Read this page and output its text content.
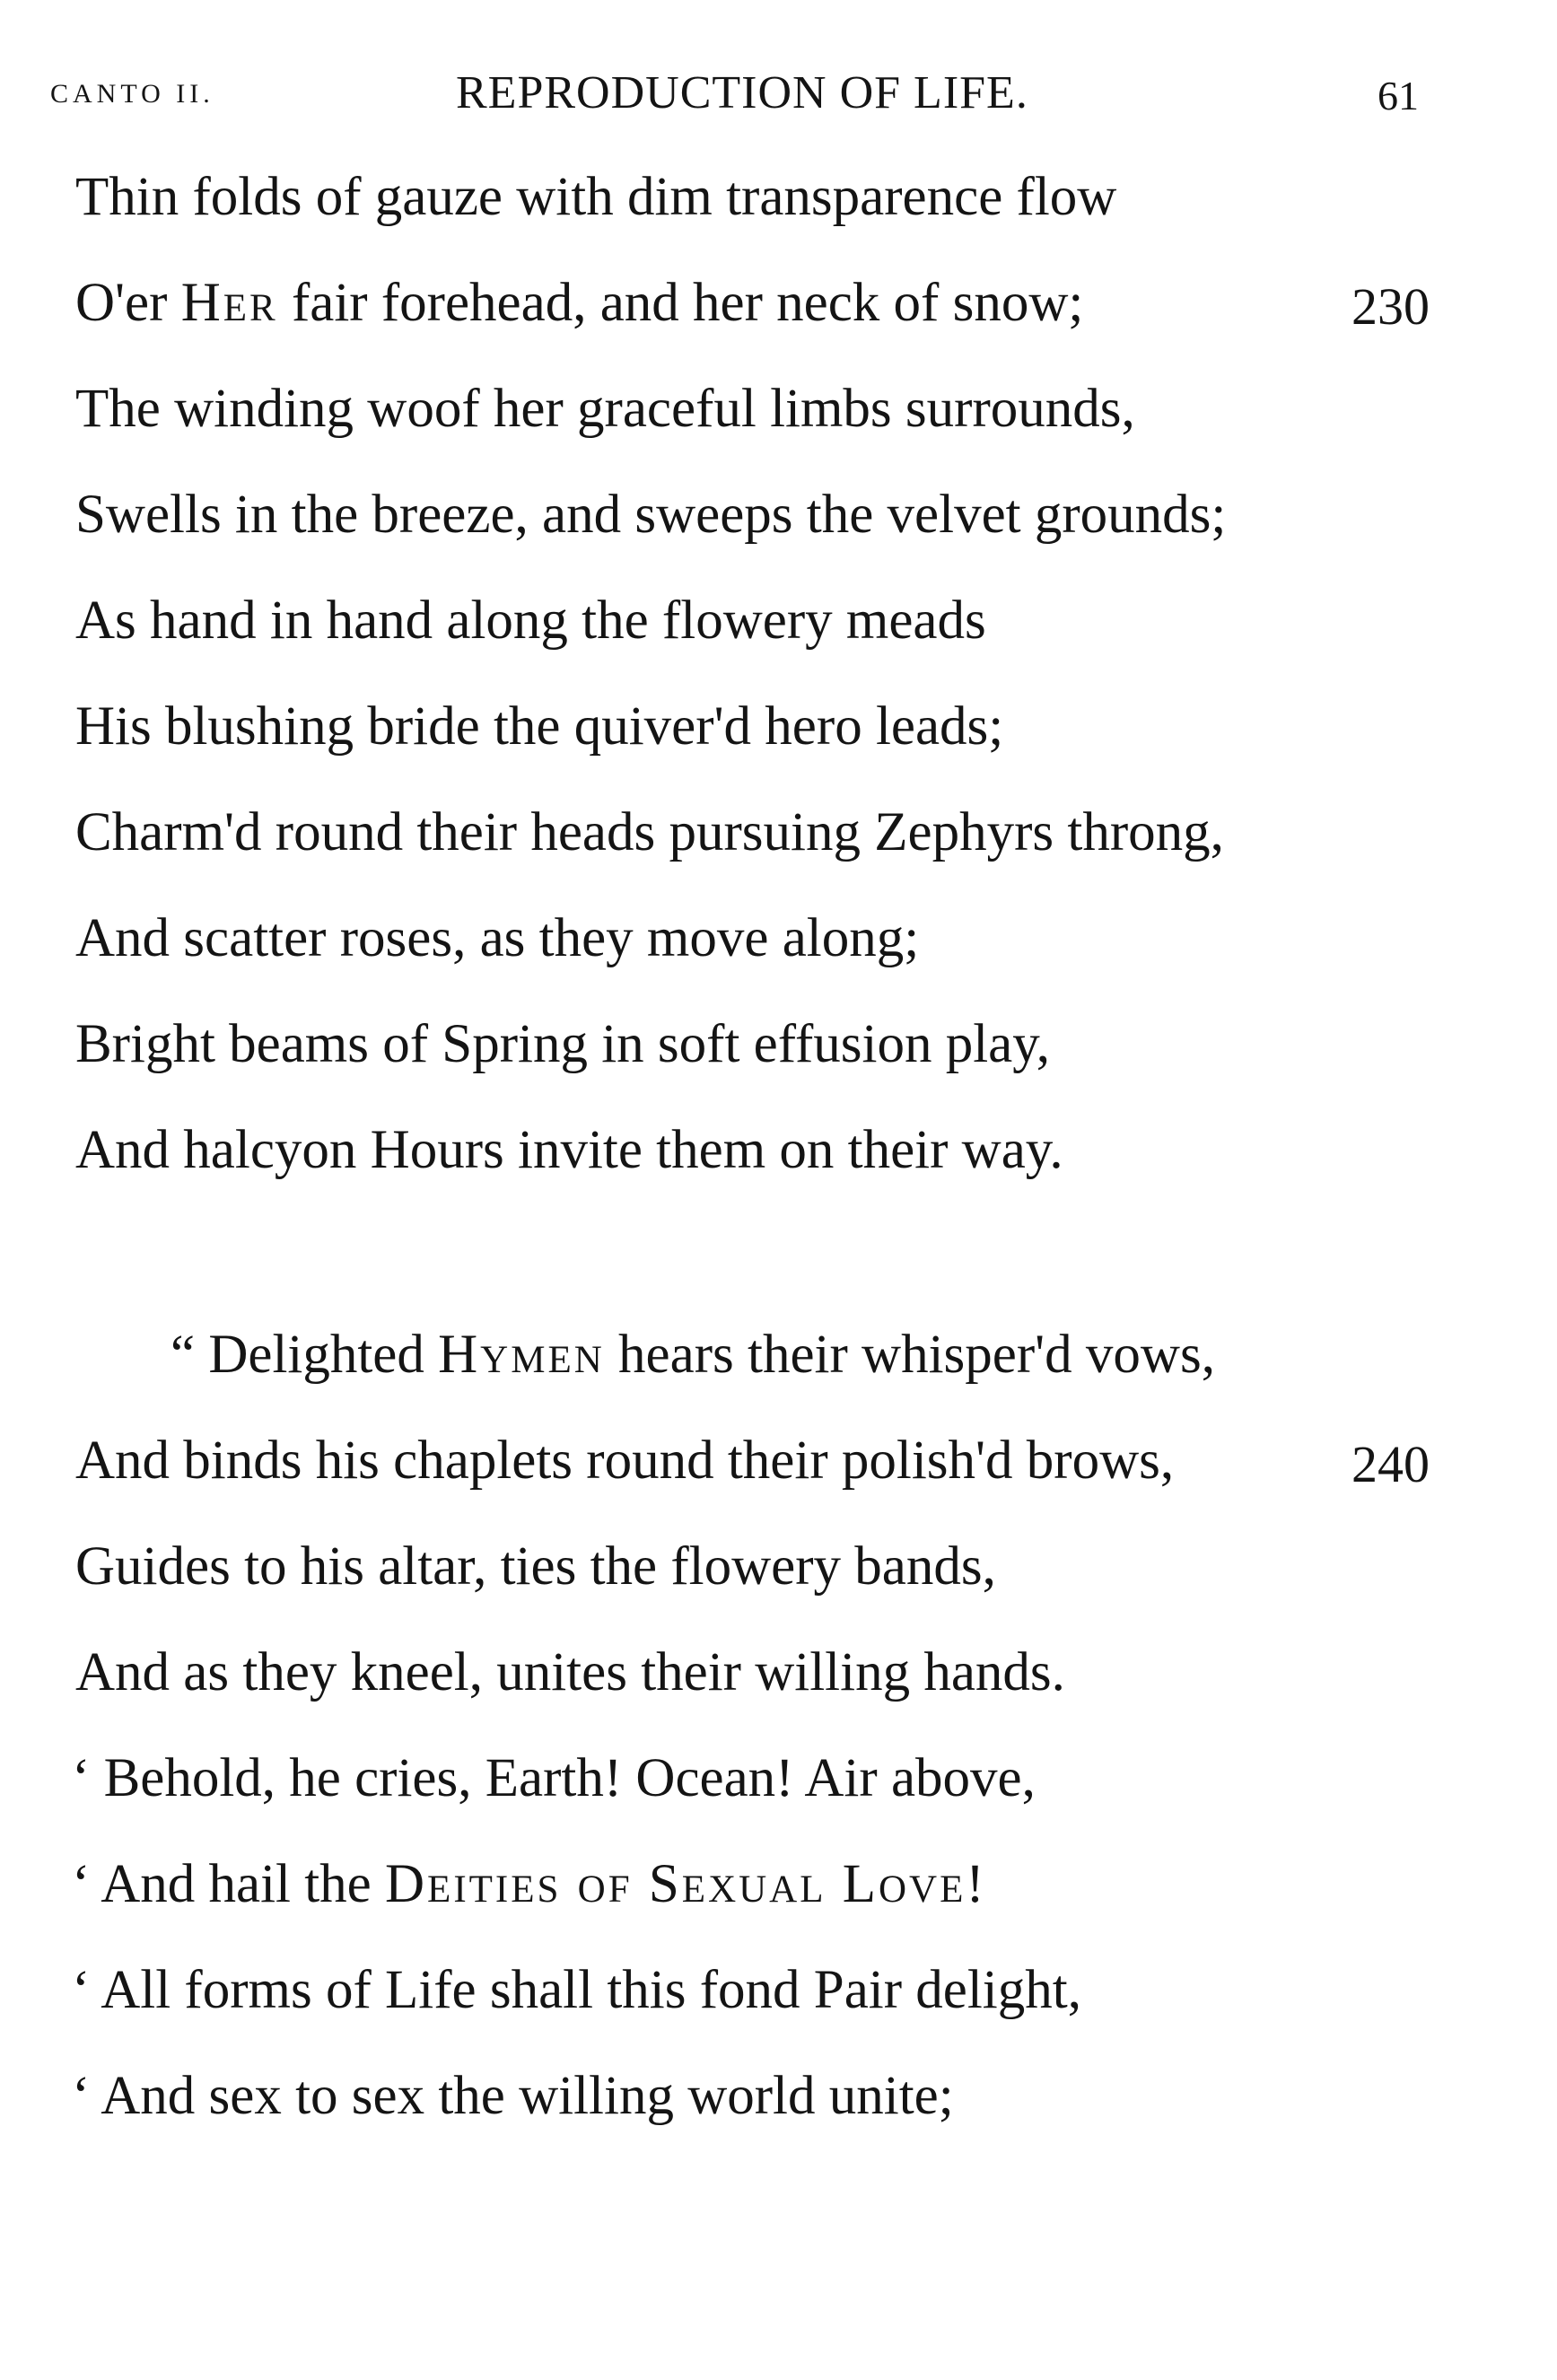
CANTO II.	REPRODUCTION OF LIFE.	61
Thin folds of gauze with dim transparence flow
O'er Her fair forehead, and her neck of snow;	230
The winding woof her graceful limbs surrounds,
Swells in the breeze, and sweeps the velvet grounds;
As hand in hand along the flowery meads
His blushing bride the quiver'd hero leads;
Charm'd round their heads pursuing Zephyrs throng,
And scatter roses, as they move along;
Bright beams of Spring in soft effusion play,
And halcyon Hours invite them on their way.
“ Delighted Hymen hears their whisper'd vows,
And binds his chaplets round their polish'd brows,	240
Guides to his altar, ties the flowery bands,
And as they kneel, unites their willing hands.
‘ Behold, he cries, Earth! Ocean! Air above,
‘ And hail the Deities of Sexual Love!
‘ All forms of Life shall this fond Pair delight,
‘ And sex to sex the willing world unite;
